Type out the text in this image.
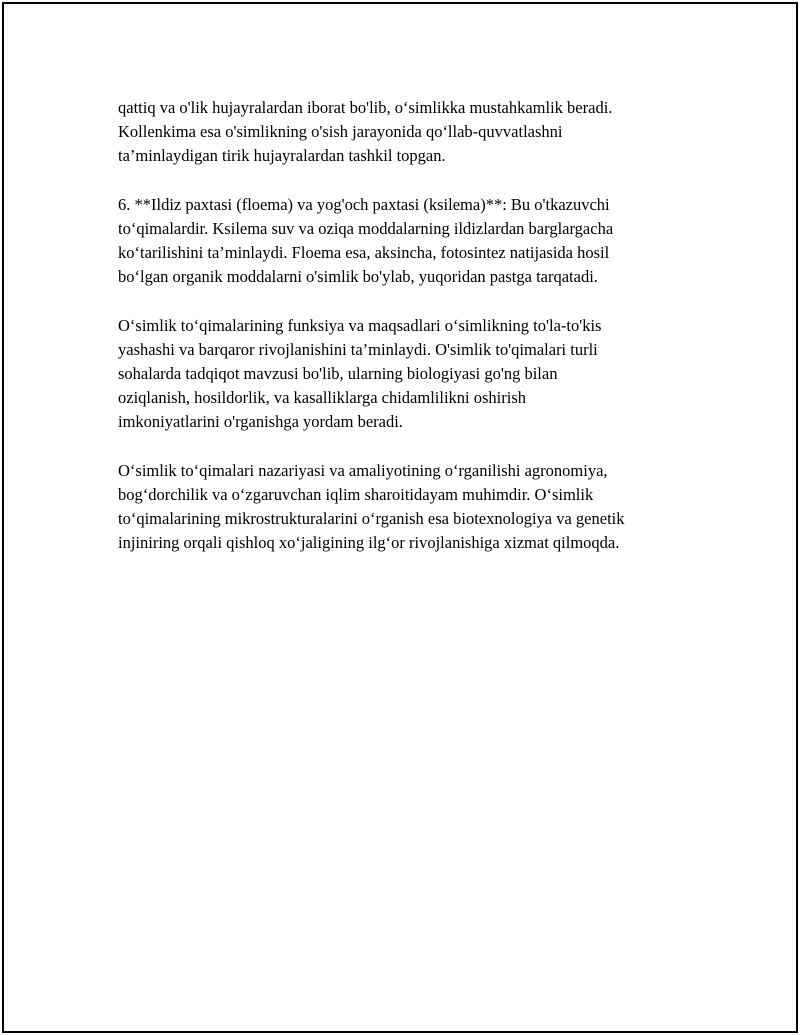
qattiq va o'lik hujayralardan iborat bo'lib, o‘simlikka mustahkamlik beradi.
Kollenkima esa o'simlikning o'sish jarayonida qo‘llab-quvvatlashni
ta’minlaydigan tirik hujayralardan tashkil topgan.
6. **Ildiz paxtasi (floema) va yog'och paxtasi (ksilema)**: Bu o'tkazuvchi
to‘qimalardir. Ksilema suv va oziqa moddalarning ildizlardan barglargacha
ko‘tarilishini ta’minlaydi. Floema esa, aksincha, fotosintez natijasida hosil
bo‘lgan organik moddalarni o'simlik bo'ylab, yuqoridan pastga tarqatadi.
O‘simlik to‘qimalarining funksiya va maqsadlari o‘simlikning to'la-to'kis
yashashi va barqaror rivojlanishini ta’minlaydi. O'simlik to'qimalari turli
sohalarda tadqiqot mavzusi bo'lib, ularning biologiyasi go'ng bilan
oziqlanish, hosildorlik, va kasalliklarga chidamlilikni oshirish
imkoniyatlarini o'rganishga yordam beradi.
O‘simlik to‘qimalari nazariyasi va amaliyotining o‘rganilishi agronomiya,
bog‘dorchilik va o‘zgaruvchan iqlim sharoitidayam muhimdir. O‘simlik
to‘qimalarining mikrostrukturalarini o‘rganish esa biotexnologiya va genetik
injiniring orqali qishloq xo‘jaligining ilg‘or rivojlanishiga xizmat qilmoqda.
